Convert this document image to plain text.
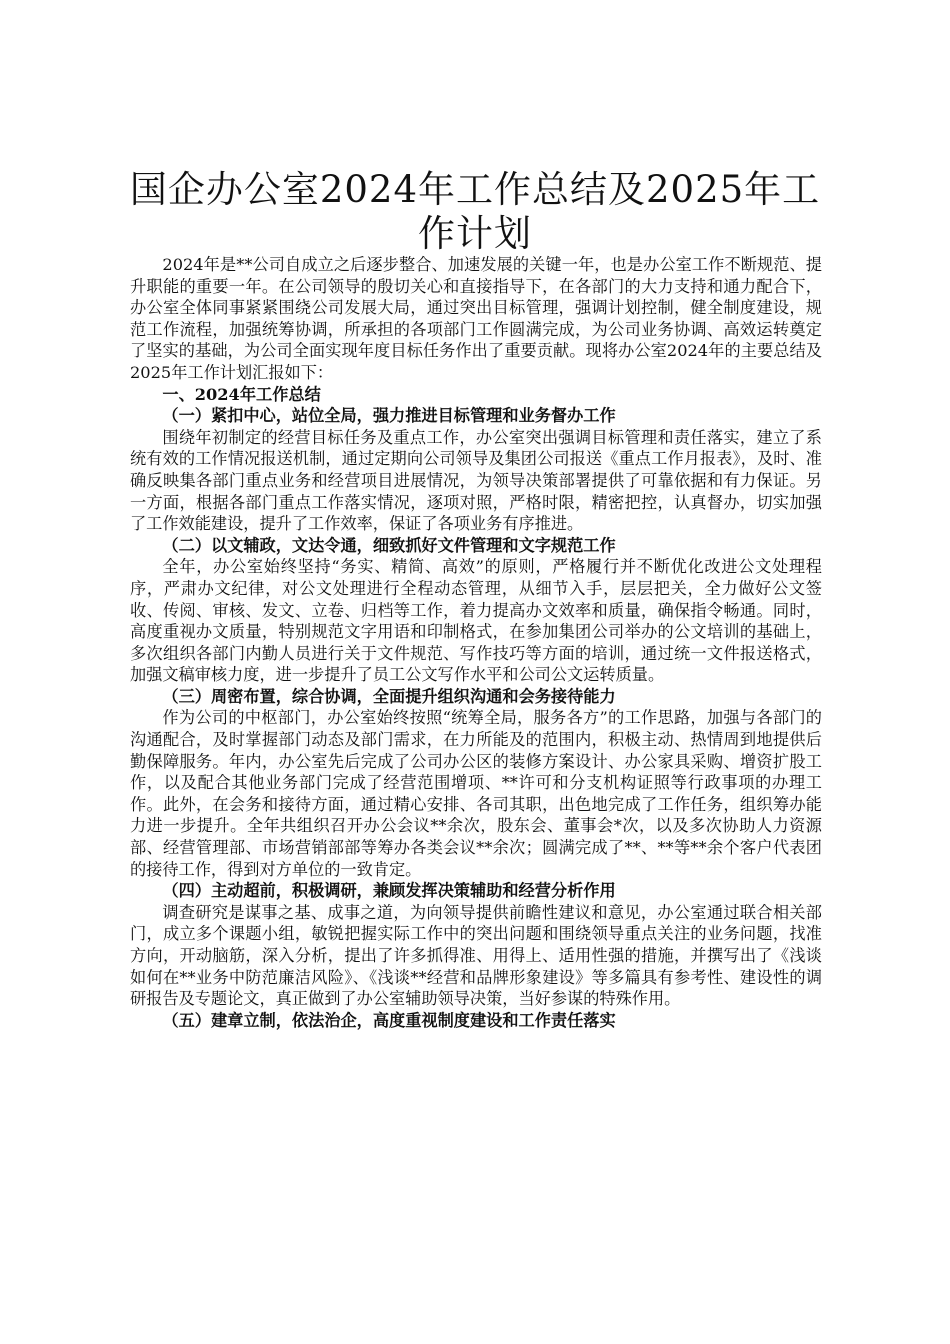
国企办公室2024年工作总结及2025年工作计划

2024年是**公司自成立之后逐步整合、加速发展的关键一年，也是办公室工作不断规范、提升职能的重要一年。在公司领导的殷切关心和直接指导下，在各部门的大力支持和通力配合下，办公室全体同事紧紧围绕公司发展大局，通过突出目标管理，强调计划控制，健全制度建设，规范工作流程，加强统筹协调，所承担的各项部门工作圆满完成，为公司业务协调、高效运转奠定了坚实的基础，为公司全面实现年度目标任务作出了重要贡献。现将办公室2024年的主要总结及2025年工作计划汇报如下：

一、2024年工作总结

（一）紧扣中心，站位全局，强力推进目标管理和业务督办工作

围绕年初制定的经营目标任务及重点工作，办公室突出强调目标管理和责任落实，建立了系统有效的工作情况报送机制，通过定期向公司领导及集团公司报送《重点工作月报表》，及时、准确反映集各部门重点业务和经营项目进展情况，为领导决策部署提供了可靠依据和有力保证。另一方面，根据各部门重点工作落实情况，逐项对照，严格时限，精密把控，认真督办，切实加强了工作效能建设，提升了工作效率，保证了各项业务有序推进。

（二）以文辅政，文达令通，细致抓好文件管理和文字规范工作

全年，办公室始终坚持“务实、精简、高效”的原则，严格履行并不断优化改进公文处理程序，严肃办文纪律，对公文处理进行全程动态管理，从细节入手，层层把关，全力做好公文签收、传阅、审核、发文、立卷、归档等工作，着力提高办文效率和质量，确保指令畅通。同时，高度重视办文质量，特别规范文字用语和印制格式，在参加集团公司举办的公文培训的基础上，多次组织各部门内勤人员进行关于文件规范、写作技巧等方面的培训，通过统一文件报送格式，加强文稿审核力度，进一步提升了员工公文写作水平和公司公文运转质量。

（三）周密布置，综合协调，全面提升组织沟通和会务接待能力

作为公司的中枢部门，办公室始终按照“统筹全局，服务各方”的工作思路，加强与各部门的沟通配合，及时掌握部门动态及部门需求，在力所能及的范围内，积极主动、热情周到地提供后勤保障服务。年内，办公室先后完成了公司办公区的装修方案设计、办公家具采购、增资扩股工作，以及配合其他业务部门完成了经营范围增项、**许可和分支机构证照等行政事项的办理工作。此外，在会务和接待方面，通过精心安排、各司其职，出色地完成了工作任务，组织筹办能力进一步提升。全年共组织召开办公会议**余次，股东会、董事会*次，以及多次协助人力资源部、经营管理部、市场营销部部等筹办各类会议**余次；圆满完成了**、**等**余个客户代表团的接待工作，得到对方单位的一致肯定。

（四）主动超前，积极调研，兼顾发挥决策辅助和经营分析作用

调查研究是谋事之基、成事之道，为向领导提供前瞻性建议和意见，办公室通过联合相关部门，成立多个课题小组，敏锐把握实际工作中的突出问题和围绕领导重点关注的业务问题，找准方向，开动脑筋，深入分析，提出了许多抓得准、用得上、适用性强的措施，并撰写出了《浅谈如何在**业务中防范廉洁风险》、《浅谈**经营和品牌形象建设》等多篇具有参考性、建设性的调研报告及专题论文，真正做到了办公室辅助领导决策，当好参谋的特殊作用。

（五）建章立制，依法治企，高度重视制度建设和工作责任落实
